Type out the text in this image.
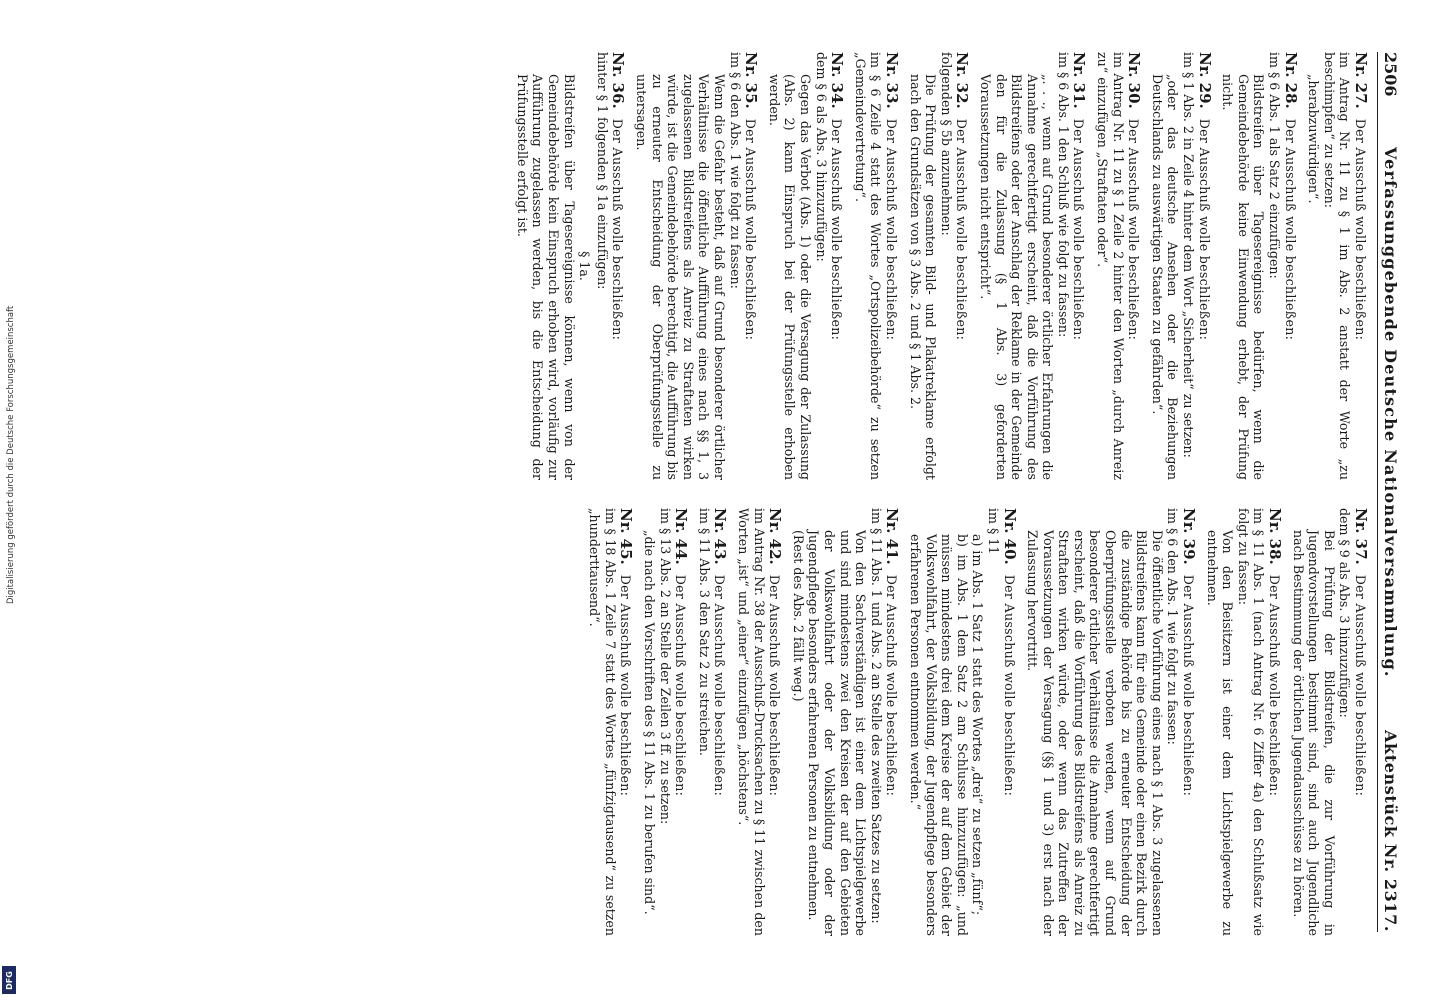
2506
Verfassunggebende Deutsche Nationalversammlung.
Aktenstück Nr. 2317.

Nr. 27.Der Ausschuß wolle beschließen:

im Antrag Nr. 11 zu § 1 im Abs. 2 anstatt der Worte „zu beschimpfen“ zu setzen:

„herabzuwürdigen“.

Nr. 28.Der Ausschuß wolle beschließen:

im § 6 Abs. 1 als Satz 2 einzufügen:

Bildstreifen über Tagesereignisse bedürfen, wenn die Gemeindebehörde keine Einwendung erhebt, der Prüfung nicht.

Nr. 29.Der Ausschuß wolle beschließen:

im § 1 Abs. 2 in Zeile 4 hinter dem Wort „Sicherheit“ zu setzen:

„oder das deutsche Ansehen oder die Beziehungen Deutschlands zu auswärtigen Staaten zu gefährden“.

Nr. 30.Der Ausschuß wolle beschließen:

im Antrag Nr. 11 zu § 1 Zeile 2 hinter den Worten „durch Anreiz zu“ einzufügen „Straftaten oder“.

Nr. 31.Der Ausschuß wolle beschließen:

im § 6 Abs. 1 den Schluß wie folgt zu fassen:

„. . ., wenn auf Grund besonderer örtlicher Erfahrungen die Annahme gerechtfertigt erscheint, daß die Vorführung des Bildstreifens oder der Anschlag der Reklame in der Gemeinde den für die Zulassung (§ 1 Abs. 3) geforderten Voraussetzungen nicht entspricht“.

Nr. 32.Der Ausschuß wolle beschließen:

folgenden § 5b anzunehmen:

Die Prüfung der gesamten Bild- und Plakatreklame erfolgt nach den Grundsätzen von § 3 Abs. 2 und § 1 Abs. 2.

Nr. 33.Der Ausschuß wolle beschließen:

im § 6 Zeile 4 statt des Wortes „Ortspolizeibehörde“ zu setzen „Gemeindevertretung“.

Nr. 34.Der Ausschuß wolle beschließen:

dem § 6 als Abs. 3 hinzuzufügen:

Gegen das Verbot (Abs. 1) oder die Versagung der Zulassung (Abs. 2) kann Einspruch bei der Prüfungsstelle erhoben werden.

Nr. 35.Der Ausschuß wolle beschließen:

im § 6 den Abs. 1 wie folgt zu fassen:

Wenn die Gefahr besteht, daß auf Grund besonderer örtlicher Verhältnisse die öffentliche Aufführung eines nach §§ 1, 3 zugelassenen Bildstreifens als Anreiz zu Straftaten wirken würde, ist die Gemeindebehörde berechtigt, die Aufführung bis zu erneuter Entscheidung der Oberprüfungsstelle zu untersagen.

Nr. 36.Der Ausschuß wolle beschließen:

hinter § 1 folgenden § 1a einzufügen:

§ 1a.

Bildstreifen über Tagesereignisse können, wenn von der Gemeindebehörde kein Einspruch erhoben wird, vorläufig zur Aufführung zugelassen werden, bis die Entscheidung der Prüfungsstelle erfolgt ist.

Nr. 37.Der Ausschuß wolle beschließen:

dem § 9 als Abs. 3 hinzuzufügen:

Bei Prüfung der Bildstreifen, die zur Vorführung in Jugendvorstellungen bestimmt sind, sind auch Jugendliche nach Bestimmung der örtlichen Jugendausschüsse zu hören.

Nr. 38.Der Ausschuß wolle beschließen:

im § 11 Abs. 1 (nach Antrag Nr. 6 Ziffer 4a) den Schlußsatz wie folgt zu fassen:

Von den Beisitzern ist einer dem Lichtspielgewerbe zu entnehmen.

Nr. 39.Der Ausschuß wolle beschließen:

im § 6 den Abs. 1 wie folgt zu fassen:

Die öffentliche Vorführung eines nach § 1 Abs. 3 zugelassenen Bildstreifens kann für eine Gemeinde oder einen Bezirk durch die zuständige Behörde bis zu erneuter Entscheidung der Oberprüfungsstelle verboten werden, wenn auf Grund besonderer örtlicher Verhältnisse die Annahme gerechtfertigt erscheint, daß die Vorführung des Bildstreifens als Anreiz zu Straftaten wirken würde, oder wenn das Zutreffen der Voraussetzungen der Versagung (§§ 1 und 3) erst nach der Zulassung hervortritt.

Nr. 40.Der Ausschuß wolle beschließen:

im § 11

a) im Abs. 1 Satz 1 statt des Wortes „drei“ zu setzen „fünf“;

b) im Abs. 1 dem Satz 2 am Schlusse hinzuzufügen: „und müssen mindestens drei dem Kreise der auf dem Gebiet der Volkswohlfahrt, der Volksbildung, der Jugendpflege besonders erfahrenen Personen entnommen werden.“

Nr. 41.Der Ausschuß wolle beschließen:

im § 11 Abs. 1 und Abs. 2 an Stelle des zweiten Satzes zu setzen:

Von den Sachverständigen ist einer dem Lichtspielgewerbe und sind mindestens zwei den Kreisen der auf den Gebieten der Volkswohlfahrt oder der Volksbildung oder der Jugendpflege besonders erfahrenen Personen zu entnehmen.

(Rest des Abs. 2 fällt weg.)

Nr. 42.Der Ausschuß wolle beschließen:

im Antrag Nr. 38 der Ausschuß-Drucksachen zu § 11 zwischen den Worten „ist“ und „einer“ einzufügen „höchstens“.

Nr. 43.Der Ausschuß wolle beschließen:

im § 11 Abs. 3 den Satz 2 zu streichen.

Nr. 44.Der Ausschuß wolle beschließen:

im § 13 Abs. 2 an Stelle der Zeilen 3 ff. zu setzen:

„die nach den Vorschriften des § 11 Abs. 1 zu berufen sind“.

Nr. 45.Der Ausschuß wolle beschließen:

im § 18 Abs. 1 Zeile 7 statt des Wortes „fünfzigtausend“ zu setzen „hunderttausend“.

Digitalisierung gefördert durch die Deutsche Forschungsgemeinschaft
DFG
